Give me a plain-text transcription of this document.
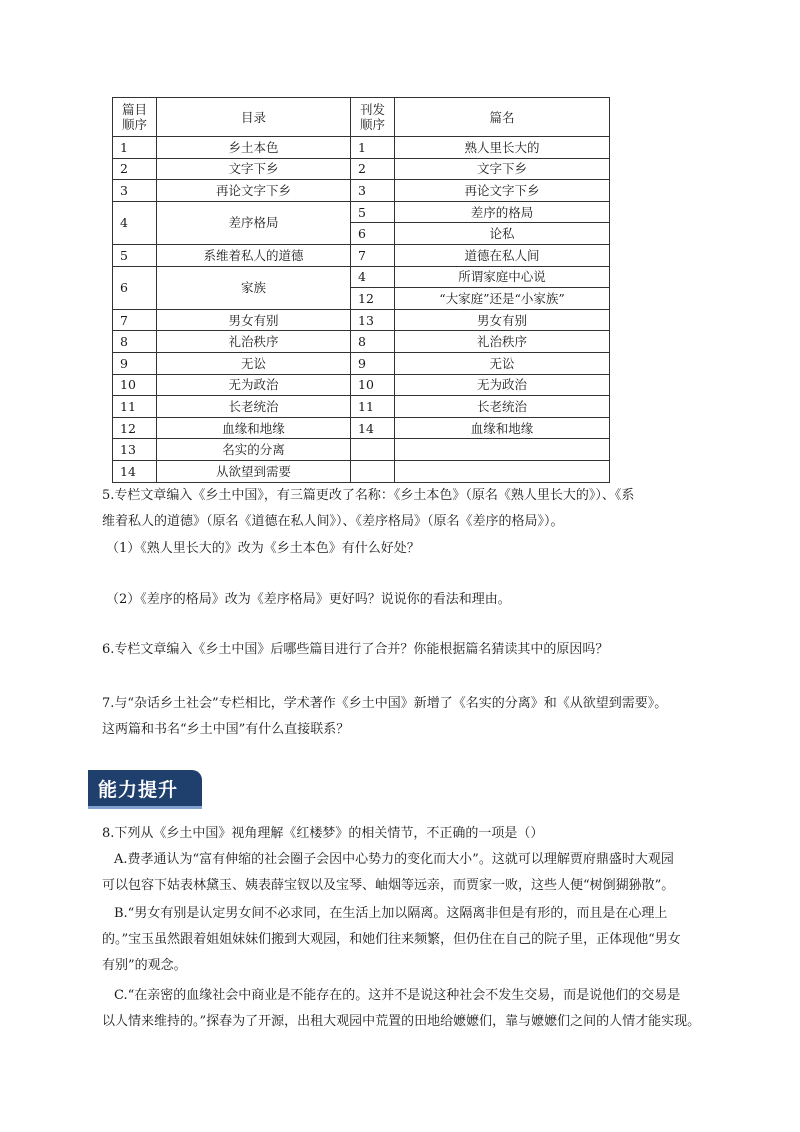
篇目顺序	目录	刊发顺序	篇名
1	乡土本色	1	熟人里长大的
2	文字下乡	2	文字下乡
3	再论文字下乡	3	再论文字下乡
4	差序格局	5	差序的格局
		6	论私
5	系维着私人的道德	7	道德在私人间
6	家族	4	所谓家庭中心说
		12	“大家庭”还是“小家族”
7	男女有别	13	男女有别
8	礼治秩序	8	礼治秩序
9	无讼	9	无讼
10	无为政治	10	无为政治
11	长老统治	11	长老统治
12	血缘和地缘	14	血缘和地缘
13	名实的分离		
14	从欲望到需要		

5.专栏文章编入《乡土中国》，有三篇更改了名称：《乡土本色》（原名《熟人里长大的》）、《系

维着私人的道德》（原名《道德在私人间》）、《差序格局》（原名《差序的格局》）。

（1）《熟人里长大的》改为《乡土本色》有什么好处？

（2）《差序的格局》改为《差序格局》更好吗？说说你的看法和理由。

6.专栏文章编入《乡土中国》后哪些篇目进行了合并？你能根据篇名猜读其中的原因吗？

7.与“杂话乡土社会”专栏相比，学术著作《乡土中国》新增了《名实的分离》和《从欲望到需要》。

这两篇和书名“乡土中国”有什么直接联系？

能力提升

8.下列从《乡土中国》视角理解《红楼梦》的相关情节，不正确的一项是（）

A.费孝通认为“富有伸缩的社会圈子会因中心势力的变化而大小”。这就可以理解贾府鼎盛时大观园

可以包容下姑表林黛玉、姨表薛宝钗以及宝琴、岫烟等远亲，而贾家一败，这些人便“树倒猢狲散”。

B.“男女有别是认定男女间不必求同，在生活上加以隔离。这隔离非但是有形的，而且是在心理上

的。”宝玉虽然跟着姐姐妹妹们搬到大观园，和她们往来频繁，但仍住在自己的院子里，正体现他“男女

有别”的观念。

C.“在亲密的血缘社会中商业是不能存在的。这并不是说这种社会不发生交易，而是说他们的交易是

以人情来维持的。”探春为了开源，出租大观园中荒置的田地给嬷嬷们，靠与嬷嬷们之间的人情才能实现。
